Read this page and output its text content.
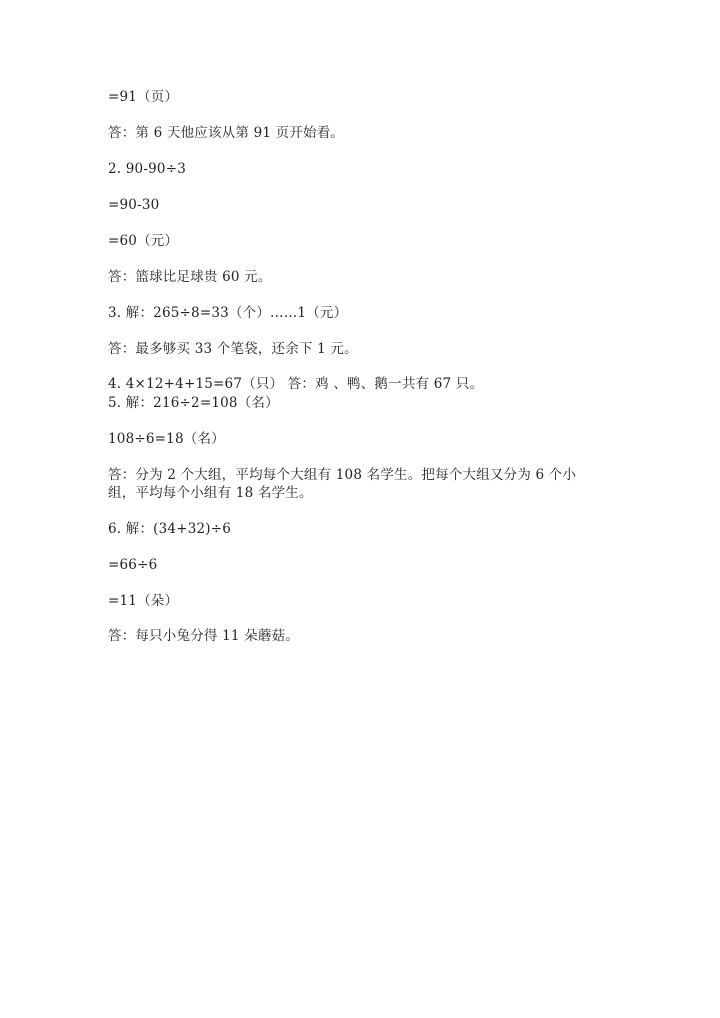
=91（页）
答：第 6 天他应该从第 91 页开始看。
2. 90-90÷3
=90-30
=60（元）
答：篮球比足球贵 60 元。
3. 解：265÷8=33（个）……1（元）
答：最多够买 33 个笔袋，还余下 1 元。
4. 4×12+4+15=67（只） 答：鸡 、鸭、鹅一共有 67 只。
5. 解：216÷2=108（名）
108÷6=18（名）
答：分为 2 个大组，平均每个大组有 108 名学生。把每个大组又分为 6 个小
组，平均每个小组有 18 名学生。
6. 解：(34+32)÷6
=66÷6
=11（朵）
答：每只小兔分得 11 朵蘑菇。
